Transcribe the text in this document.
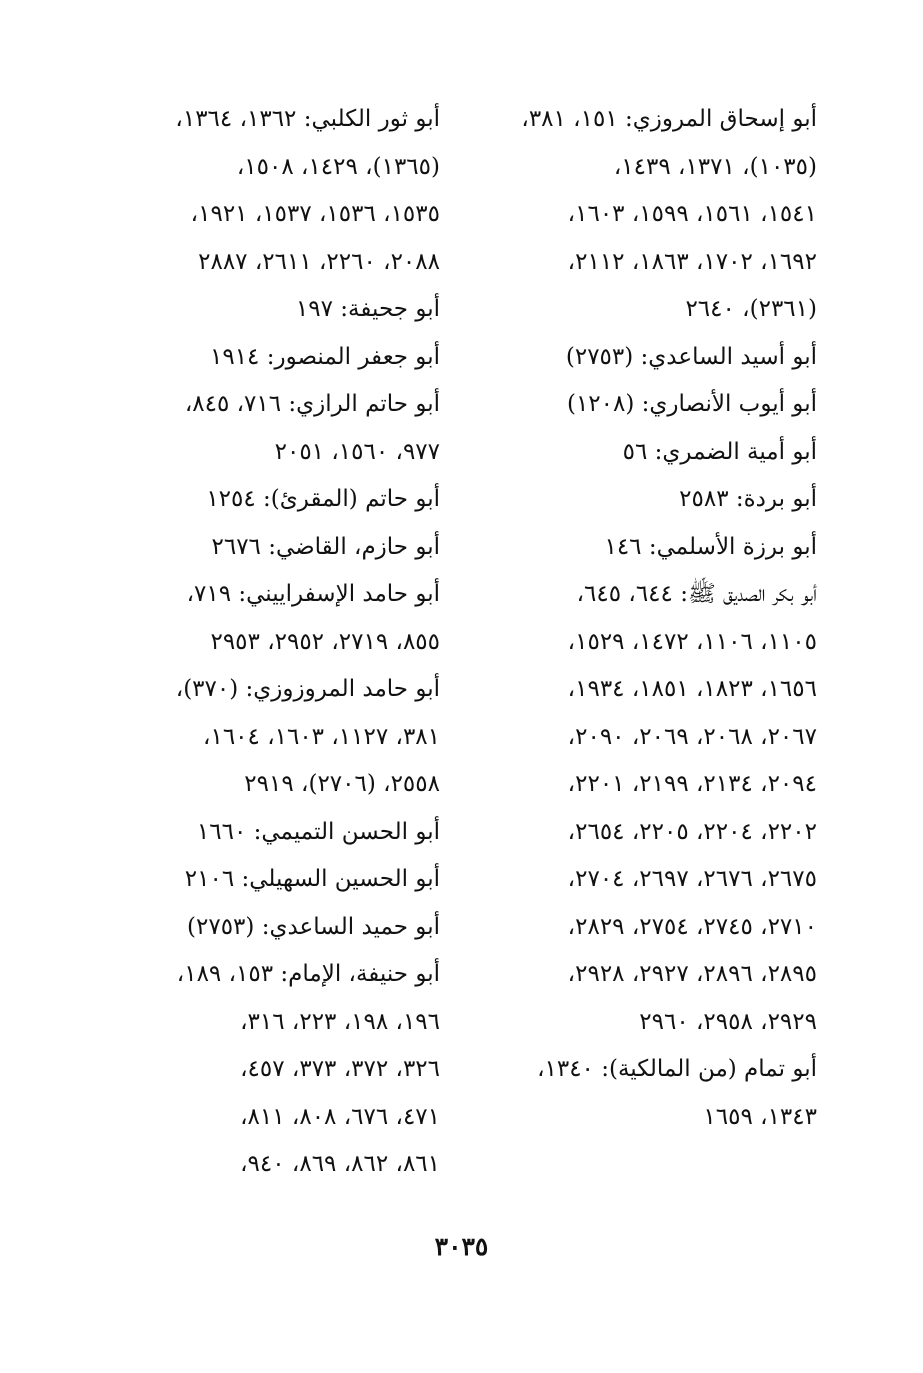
أبو إسحاق المروزي: ١٥١، ٣٨١،
(١٠٣٥)، ١٣٧١، ١٤٣٩،
١٥٤١، ١٥٦١، ١٥٩٩، ١٦٠٣،
١٦٩٢، ١٧٠٢، ١٨٦٣، ٢١١٢،
(٢٣٦١)، ٢٦٤٠
أبو أسيد الساعدي: (٢٧٥٣)
أبو أيوب الأنصاري: (١٢٠٨)
أبو أمية الضمري: ٥٦
أبو بردة: ٢٥٨٣
أبو برزة الأسلمي: ١٤٦
أبو بكر الصديق ﷺ: ٦٤٤، ٦٤٥،
١١٠٥، ١١٠٦، ١٤٧٢، ١٥٢٩،
١٦٥٦، ١٨٢٣، ١٨٥١، ١٩٣٤،
٢٠٦٧، ٢٠٦٨، ٢٠٦٩، ٢٠٩٠،
٢٠٩٤، ٢١٣٤، ٢١٩٩، ٢٢٠١،
٢٢٠٢، ٢٢٠٤، ٢٢٠٥، ٢٦٥٤،
٢٦٧٥، ٢٦٧٦، ٢٦٩٧، ٢٧٠٤،
٢٧١٠، ٢٧٤٥، ٢٧٥٤، ٢٨٢٩،
٢٨٩٥، ٢٨٩٦، ٢٩٢٧، ٢٩٢٨،
٢٩٢٩، ٢٩٥٨، ٢٩٦٠
أبو تمام (من المالكية): ١٣٤٠،
١٣٤٣، ١٦٥٩
أبو ثور الكلبي: ١٣٦٢، ١٣٦٤،
(١٣٦٥)، ١٤٢٩، ١٥٠٨،
١٥٣٥، ١٥٣٦، ١٥٣٧، ١٩٢١،
٢٠٨٨، ٢٢٦٠، ٢٦١١، ٢٨٨٧
أبو جحيفة: ١٩٧
أبو جعفر المنصور: ١٩١٤
أبو حاتم الرازي: ٧١٦، ٨٤٥،
٩٧٧، ١٥٦٠، ٢٠٥١
أبو حاتم (المقرئ): ١٢٥٤
أبو حازم، القاضي: ٢٦٧٦
أبو حامد الإسفراييني: ٧١٩،
٨٥٥، ٢٧١٩، ٢٩٥٢، ٢٩٥٣
أبو حامد المروزوزي: (٣٧٠)،
٣٨١، ١١٢٧، ١٦٠٣، ١٦٠٤،
٢٥٥٨، (٢٧٠٦)، ٢٩١٩
أبو الحسن التميمي: ١٦٦٠
أبو الحسين السهيلي: ٢١٠٦
أبو حميد الساعدي: (٢٧٥٣)
أبو حنيفة، الإمام: ١٥٣، ١٨٩،
١٩٦، ١٩٨، ٢٢٣، ٣١٦،
٣٢٦، ٣٧٢، ٣٧٣، ٤٥٧،
٤٧١، ٦٧٦، ٨٠٨، ٨١١،
٨٦١، ٨٦٢، ٨٦٩، ٩٤٠،
٣٠٣٥
